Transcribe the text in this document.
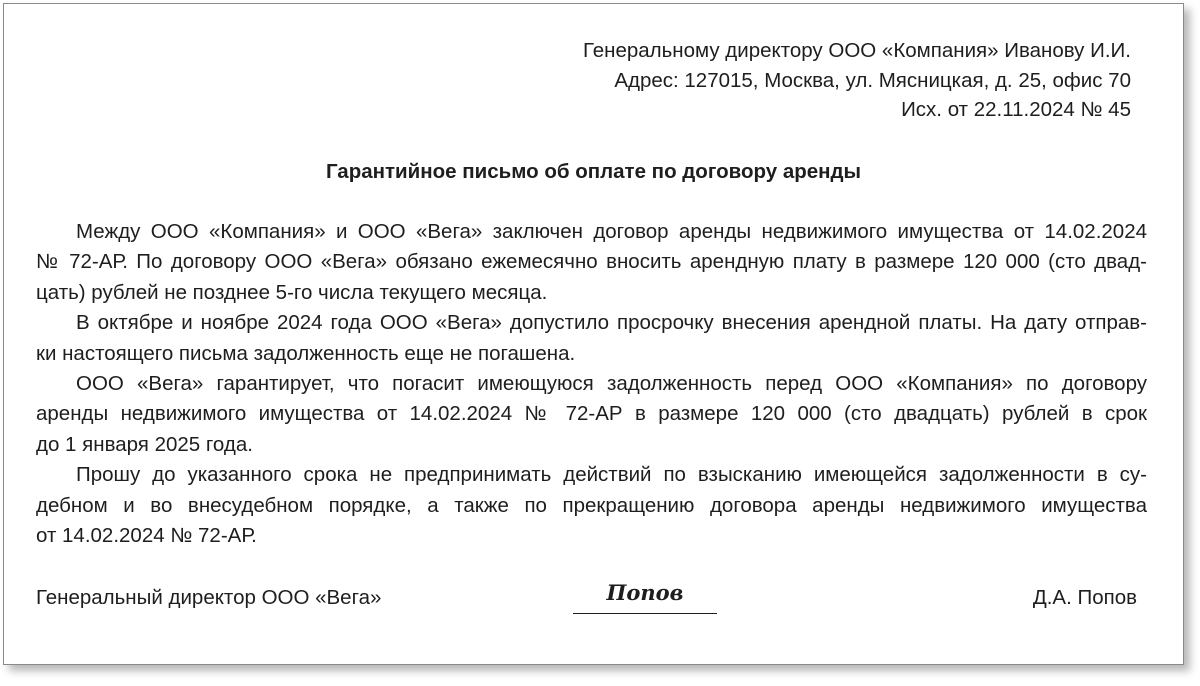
Генеральному директору ООО «Компания» Иванову И.И.
Адрес: 127015, Москва, ул. Мясницкая, д. 25, офис 70
Исх. от 22.11.2024 № 45
Гарантийное письмо об оплате по договору аренды

Между ООО «Компания» и ООО «Вега» заключен договор аренды недвижимого имущества от 14.02.2024
№ 72-АР. По договору ООО «Вега» обязано ежемесячно вносить арендную плату в размере 120 000 (сто двад-
цать) рублей не позднее 5-го числа текущего месяца.

В октябре и ноябре 2024 года ООО «Вега» допустило просрочку внесения арендной платы. На дату отправ-
ки настоящего письма задолженность еще не погашена.

ООО «Вега» гарантирует, что погасит имеющуюся задолженность перед ООО «Компания» по договору
аренды недвижимого имущества от 14.02.2024 № 72-АР в размере 120 000 (сто двадцать) рублей в срок
до 1 января 2025 года.

Прошу до указанного срока не предпринимать действий по взысканию имеющейся задолженности в су-
дебном и во внесудебном порядке, а также по прекращению договора аренды недвижимого имущества
от 14.02.2024 № 72-АР.

Генеральный директор ООО «Вега»	Попов	Д.А. Попов
